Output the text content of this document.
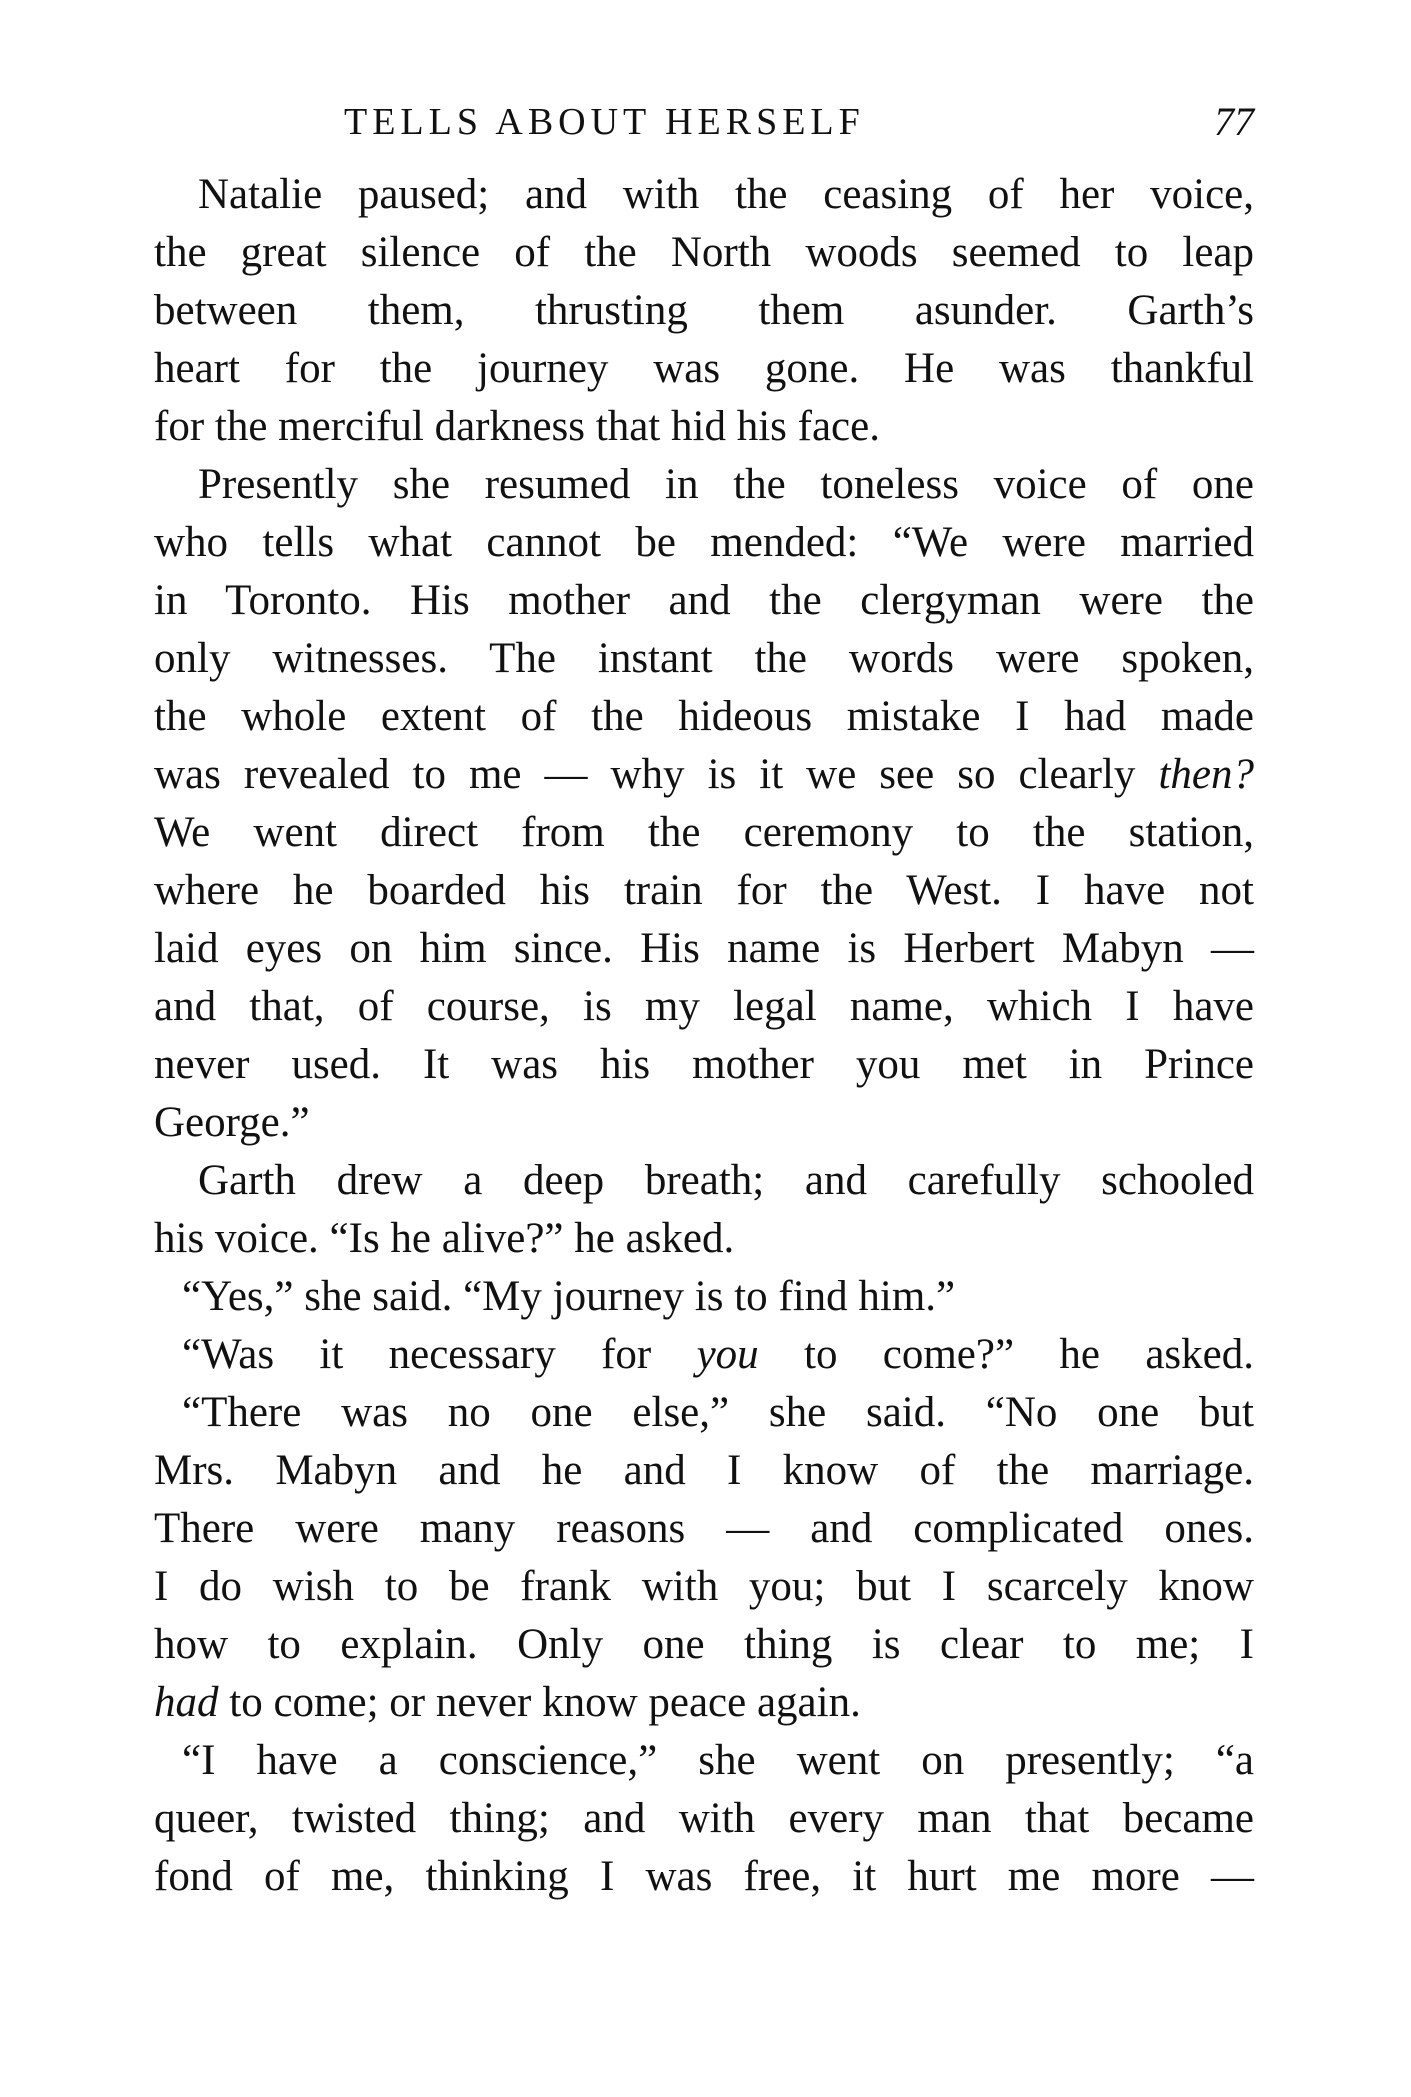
TELLS ABOUT HERSELF	77
Natalie paused; and with the ceasing of her voice,
the great silence of the North woods seemed to leap
between them, thrusting them asunder. Garth’s
heart for the journey was gone. He was thankful
for the merciful darkness that hid his face.
Presently she resumed in the toneless voice of one
who tells what cannot be mended: “We were married
in Toronto. His mother and the clergyman were the
only witnesses. The instant the words were spoken,
the whole extent of the hideous mistake I had made
was revealed to me — why is it we see so clearly then?
We went direct from the ceremony to the station,
where he boarded his train for the West. I have not
laid eyes on him since. His name is Herbert Mabyn —
and that, of course, is my legal name, which I have
never used. It was his mother you met in Prince
George.”
Garth drew a deep breath; and carefully schooled
his voice. “Is he alive?” he asked.
“Yes,” she said. “My journey is to find him.”
“Was it necessary for you to come?” he asked.
“There was no one else,” she said. “No one but
Mrs. Mabyn and he and I know of the marriage.
There were many reasons — and complicated ones.
I do wish to be frank with you; but I scarcely know
how to explain. Only one thing is clear to me; I
had to come; or never know peace again.
“I have a conscience,” she went on presently; “a
queer, twisted thing; and with every man that became
fond of me, thinking I was free, it hurt me more —
